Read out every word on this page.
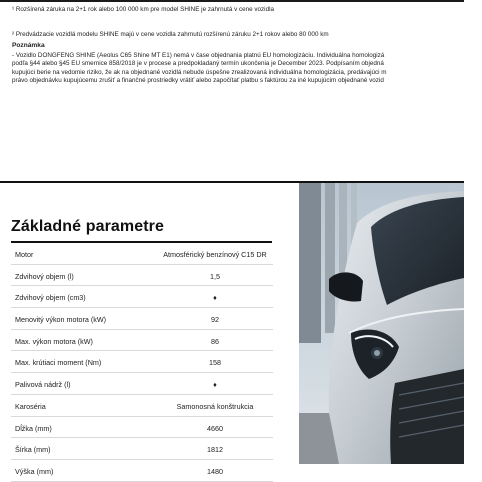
¹ Rozšírená záruka na 2+1 rok alebo 100 000 km pre model SHINE je zahrnutá v cene vozidla
² Predvádzacie vozidlá modelu SHINE majú v cene vozidla zahrnutú rozšírenú záruku 2+1 rokov alebo 80 000 km
Poznámka
- Vozidlo DONGFENG SHINE (Aeolus C65 Shine MT E1) nemá v čase objednania platnú EU homologizáciu. Individuálna homologizá
podľa §44 alebo §45 EU smernice 858/2018 je v procese a predpokladaný termín ukončenia je December 2023. Podpísaním objedná
kupujúci berie na vedomie riziko, že ak na objednané vozidlá nebude úspešne zrealizovaná individuálna homologizácia, predávajúci m
právo objednávku kupujúcemu zrušiť a finančné prostriedky vrátiť alebo započítať platbu s faktúrou za iné kupujúcim objednané vozid
Základné parametre
Motor	Atmosférický benzínový C15 DR
Zdvihový objem (l)	1,5
Zdvihový objem (cm3)	♦
Menovitý výkon motora (kW)	92
Max. výkon motora (kW)	86
Max. krútiaci moment (Nm)	158
Palivová nádrž (l)	♦
Karoséria	Samonosná konštrukcia
Dĺžka (mm)	4660
Šírka (mm)	1812
Výška (mm)	1480
